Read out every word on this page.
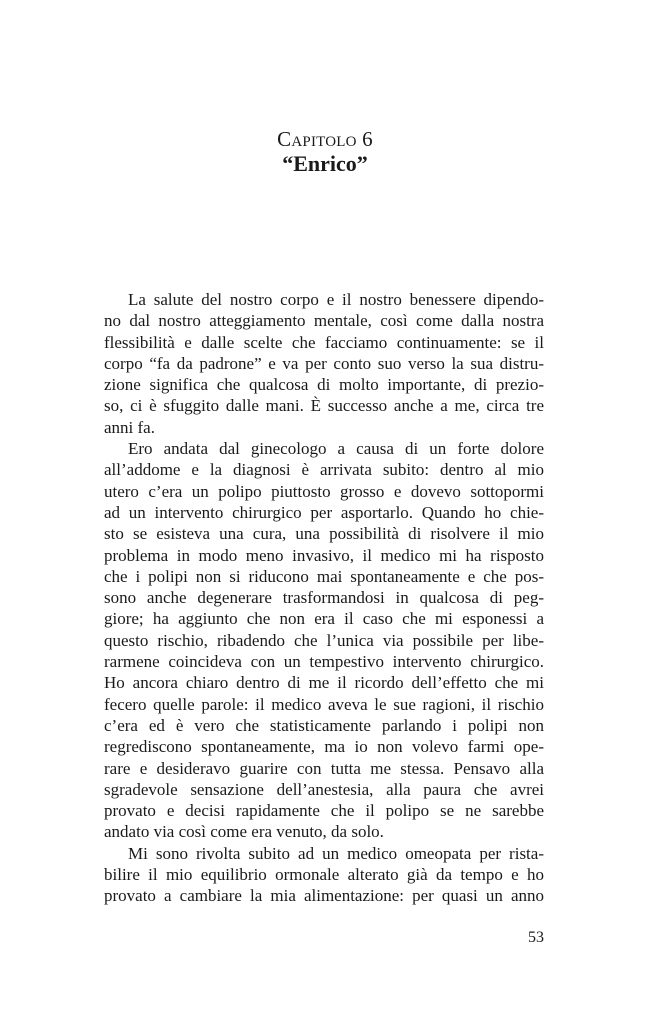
Capitolo 6
“Enrico”
La salute del nostro corpo e il nostro benessere dipendo-
no dal nostro atteggiamento mentale, così come dalla nostra
flessibilità e dalle scelte che facciamo continuamente: se il
corpo “fa da padrone” e va per conto suo verso la sua distru-
zione significa che qualcosa di molto importante, di prezio-
so, ci è sfuggito dalle mani. È successo anche a me, circa tre
anni fa.
Ero andata dal ginecologo a causa di un forte dolore
all’addome e la diagnosi è arrivata subito: dentro al mio
utero c’era un polipo piuttosto grosso e dovevo sottopormi
ad un intervento chirurgico per asportarlo. Quando ho chie-
sto se esisteva una cura, una possibilità di risolvere il mio
problema in modo meno invasivo, il medico mi ha risposto
che i polipi non si riducono mai spontaneamente e che pos-
sono anche degenerare trasformandosi in qualcosa di peg-
giore; ha aggiunto che non era il caso che mi esponessi a
questo rischio, ribadendo che l’unica via possibile per libe-
rarmene coincideva con un tempestivo intervento chirurgico.
Ho ancora chiaro dentro di me il ricordo dell’effetto che mi
fecero quelle parole: il medico aveva le sue ragioni, il rischio
c’era ed è vero che statisticamente parlando i polipi non
regrediscono spontaneamente, ma io non volevo farmi ope-
rare e desideravo guarire con tutta me stessa. Pensavo alla
sgradevole sensazione dell’anestesia, alla paura che avrei
provato e decisi rapidamente che il polipo se ne sarebbe
andato via così come era venuto, da solo.
Mi sono rivolta subito ad un medico omeopata per rista-
bilire il mio equilibrio ormonale alterato già da tempo e ho
provato a cambiare la mia alimentazione: per quasi un anno
53
